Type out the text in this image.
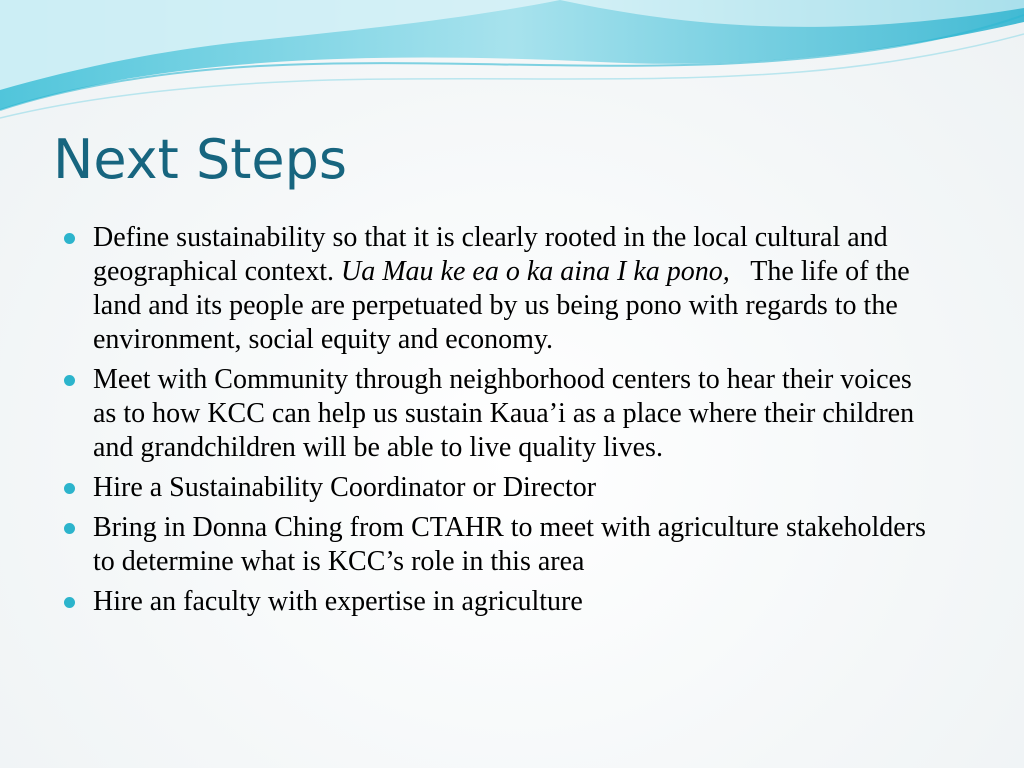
Next Steps
Define sustainability so that it is clearly rooted in the local cultural and geographical context. Ua Mau ke ea o ka aina I ka pono,   The life of the land and its people are perpetuated by us being pono with regards to the environment, social equity and economy.
Meet with Community through neighborhood centers to hear their voices as to how KCC can help us sustain Kaua’i as a place where their children and grandchildren will be able to live quality lives.
Hire a Sustainability Coordinator or Director
Bring in Donna Ching from CTAHR to meet with agriculture stakeholders to determine what is KCC’s role in this area
Hire an faculty with expertise in agriculture
